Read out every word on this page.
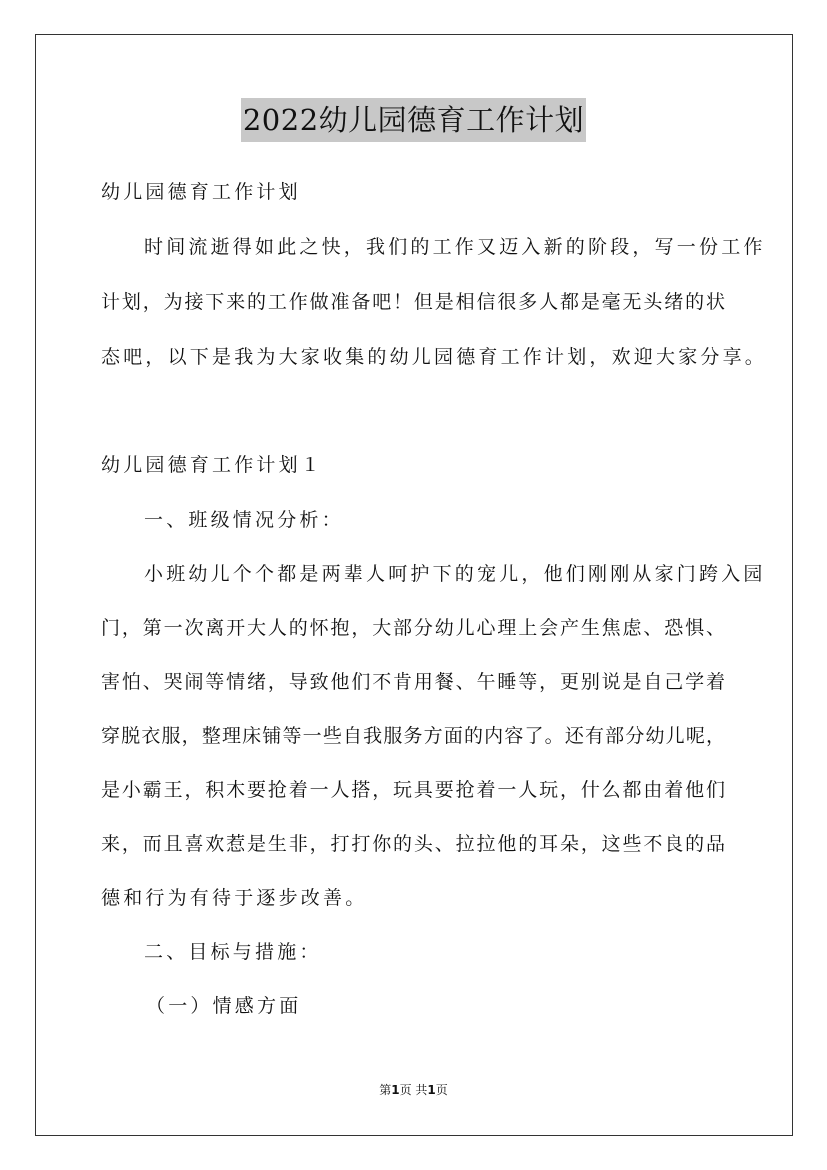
2022幼儿园德育工作计划
幼儿园德育工作计划
时间流逝得如此之快，我们的工作又迈入新的阶段，写一份工作
计划，为接下来的工作做准备吧！但是相信很多人都是毫无头绪的状
态吧，以下是我为大家收集的幼儿园德育工作计划，欢迎大家分享。
幼儿园德育工作计划１
一、班级情况分析：
小班幼儿个个都是两辈人呵护下的宠儿，他们刚刚从家门跨入园
门，第一次离开大人的怀抱，大部分幼儿心理上会产生焦虑、恐惧、
害怕、哭闹等情绪，导致他们不肯用餐、午睡等，更别说是自己学着
穿脱衣服，整理床铺等一些自我服务方面的内容了。还有部分幼儿呢，
是小霸王，积木要抢着一人搭，玩具要抢着一人玩，什么都由着他们
来，而且喜欢惹是生非，打打你的头、拉拉他的耳朵，这些不良的品
德和行为有待于逐步改善。
二、目标与措施：
（一）情感方面
第1页 共1页
